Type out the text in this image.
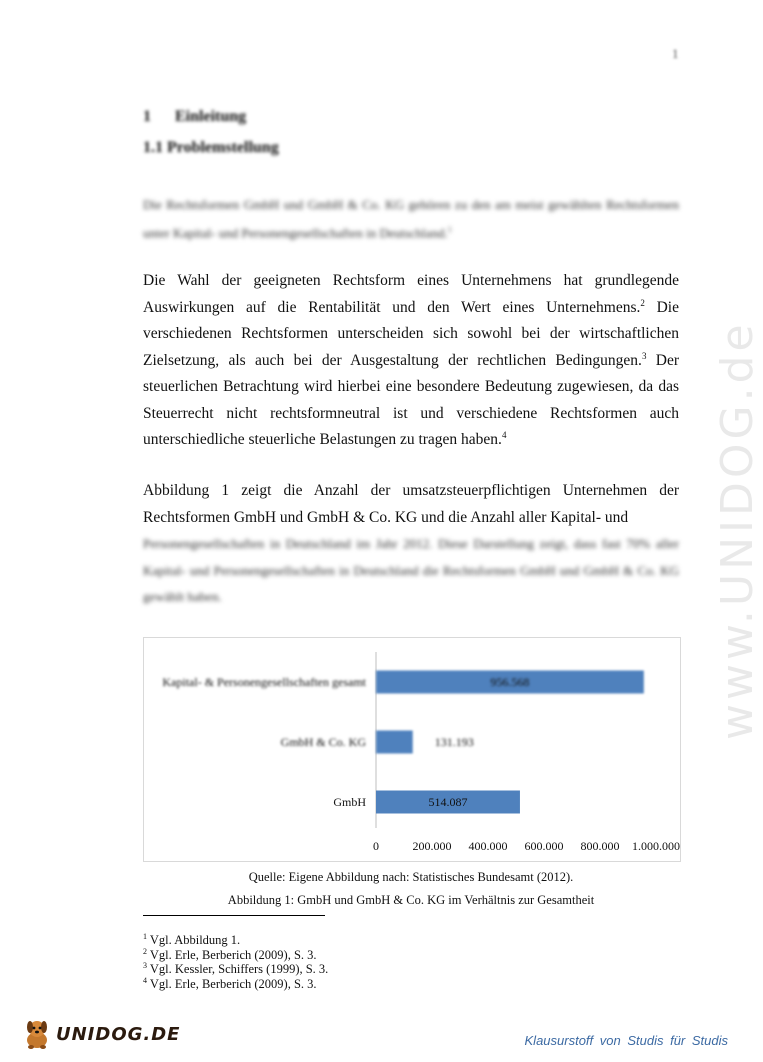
1
1 Einleitung
1.1 Problemstellung
Die Rechtsformen GmbH und GmbH & Co. KG gehören zu den am meist gewählten Rechtsformen unter Kapital- und Personengesellschaften in Deutschland.$^1$
Die Wahl der geeigneten Rechtsform eines Unternehmens hat grundlegende Auswirkungen auf die Rentabilität und den Wert eines Unternehmens.$^2$ Die verschiedenen Rechtsformen unterscheiden sich sowohl bei der wirtschaftlichen Zielsetzung, als auch bei der Ausgestaltung der rechtlichen Bedingungen.$^3$ Der steuerlichen Betrachtung wird hierbei eine besondere Bedeutung zugewiesen, da das Steuerrecht nicht rechtsformneutral ist und verschiedene Rechtsformen auch unterschiedliche steuerliche Belastungen zu tragen haben.$^4$
Abbildung 1 zeigt die Anzahl der umsatzsteuerpflichtigen Unternehmen der Rechtsformen GmbH und GmbH & Co. KG und die Anzahl aller Kapital- und
Personengesellschaften in Deutschland im Jahr 2012. Diese Darstellung zeigt, dass fast 70% aller Kapital- und Personengesellschaften in Deutschland die Rechtsformen GmbH und GmbH & Co. KG gewählt haben.	www.UNIDOG.de
Kapital- & Personengesellschaften gesamt	956.568
GmbH & Co. KG	131.193
GmbH	514.087
0	200.000 400.000 600.000 800.000 1.000.000
Quelle: Eigene Abbildung nach: Statistisches Bundesamt (2012).
Abbildung 1: GmbH und GmbH & Co. KG im Verhältnis zur Gesamtheit
$^1$ Vgl. Abbildung 1.
$^2$ Vgl. Erle, Berberich (2009), S. 3.
$^3$ Vgl. Kessler, Schiffers (1999), S. 3.
$^4$ Vgl. Erle, Berberich (2009), S. 3.
UNIDOG.DE	Klausurstoff von Studis für Studis
